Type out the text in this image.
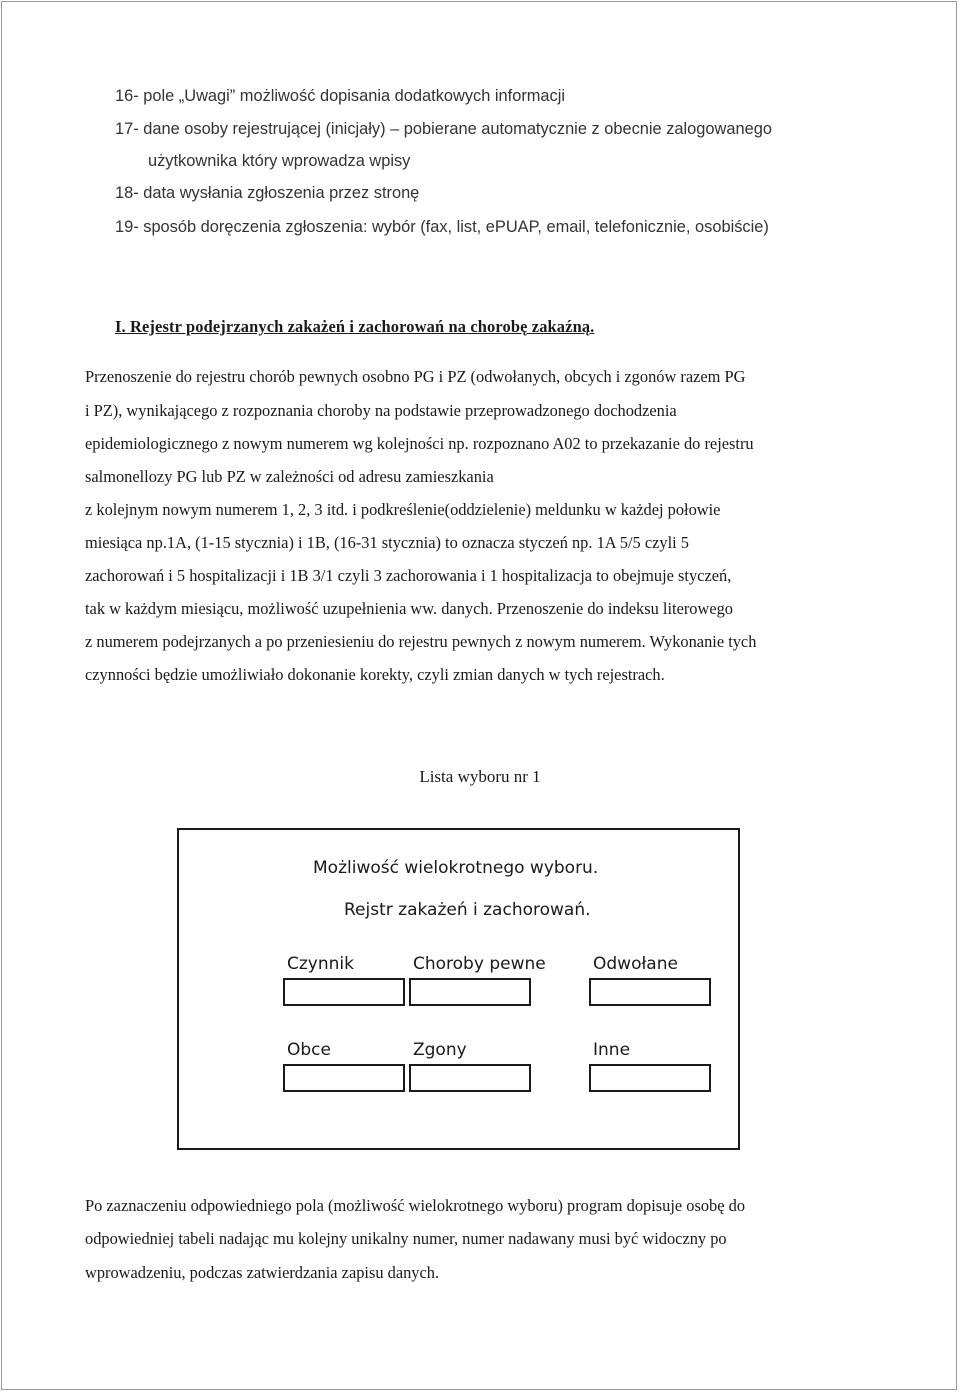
16- pole „Uwagi” możliwość dopisania dodatkowych informacji
17- dane osoby rejestrującej (inicjały) – pobierane automatycznie z obecnie zalogowanego
użytkownika który wprowadza wpisy
18- data wysłania zgłoszenia przez stronę
19- sposób doręczenia zgłoszenia: wybór (fax, list, ePUAP, email, telefonicznie, osobiście)
I. Rejestr podejrzanych zakażeń i zachorowań na chorobę zakaźną.
Przenoszenie do rejestru chorób pewnych osobno PG i PZ (odwołanych, obcych i zgonów razem PG
i PZ), wynikającego z rozpoznania choroby na podstawie przeprowadzonego dochodzenia
epidemiologicznego z nowym numerem wg kolejności np. rozpoznano A02 to przekazanie do rejestru
salmonellozy PG lub PZ w zależności od adresu zamieszkania
z kolejnym nowym numerem 1, 2, 3 itd. i podkreślenie(oddzielenie) meldunku w każdej połowie
miesiąca np.1A, (1-15 stycznia) i 1B, (16-31 stycznia) to oznacza styczeń np. 1A 5/5 czyli 5
zachorowań i 5 hospitalizacji i 1B 3/1 czyli 3 zachorowania i 1 hospitalizacja to obejmuje styczeń,
tak w każdym miesiącu, możliwość uzupełnienia ww. danych. Przenoszenie do indeksu literowego
z numerem podejrzanych a po przeniesieniu do rejestru pewnych z nowym numerem. Wykonanie tych
czynności będzie umożliwiało dokonanie korekty, czyli zmian danych w tych rejestrach.
Lista wyboru nr 1
Możliwość wielokrotnego wyboru.
Rejstr zakażeń i zachorowań.
Czynnik	Choroby pewne	Odwołane
Obce	Zgony	Inne
Po zaznaczeniu odpowiedniego pola (możliwość wielokrotnego wyboru) program dopisuje osobę do
odpowiedniej tabeli nadając mu kolejny unikalny numer, numer nadawany musi być widoczny po
wprowadzeniu, podczas zatwierdzania zapisu danych.
